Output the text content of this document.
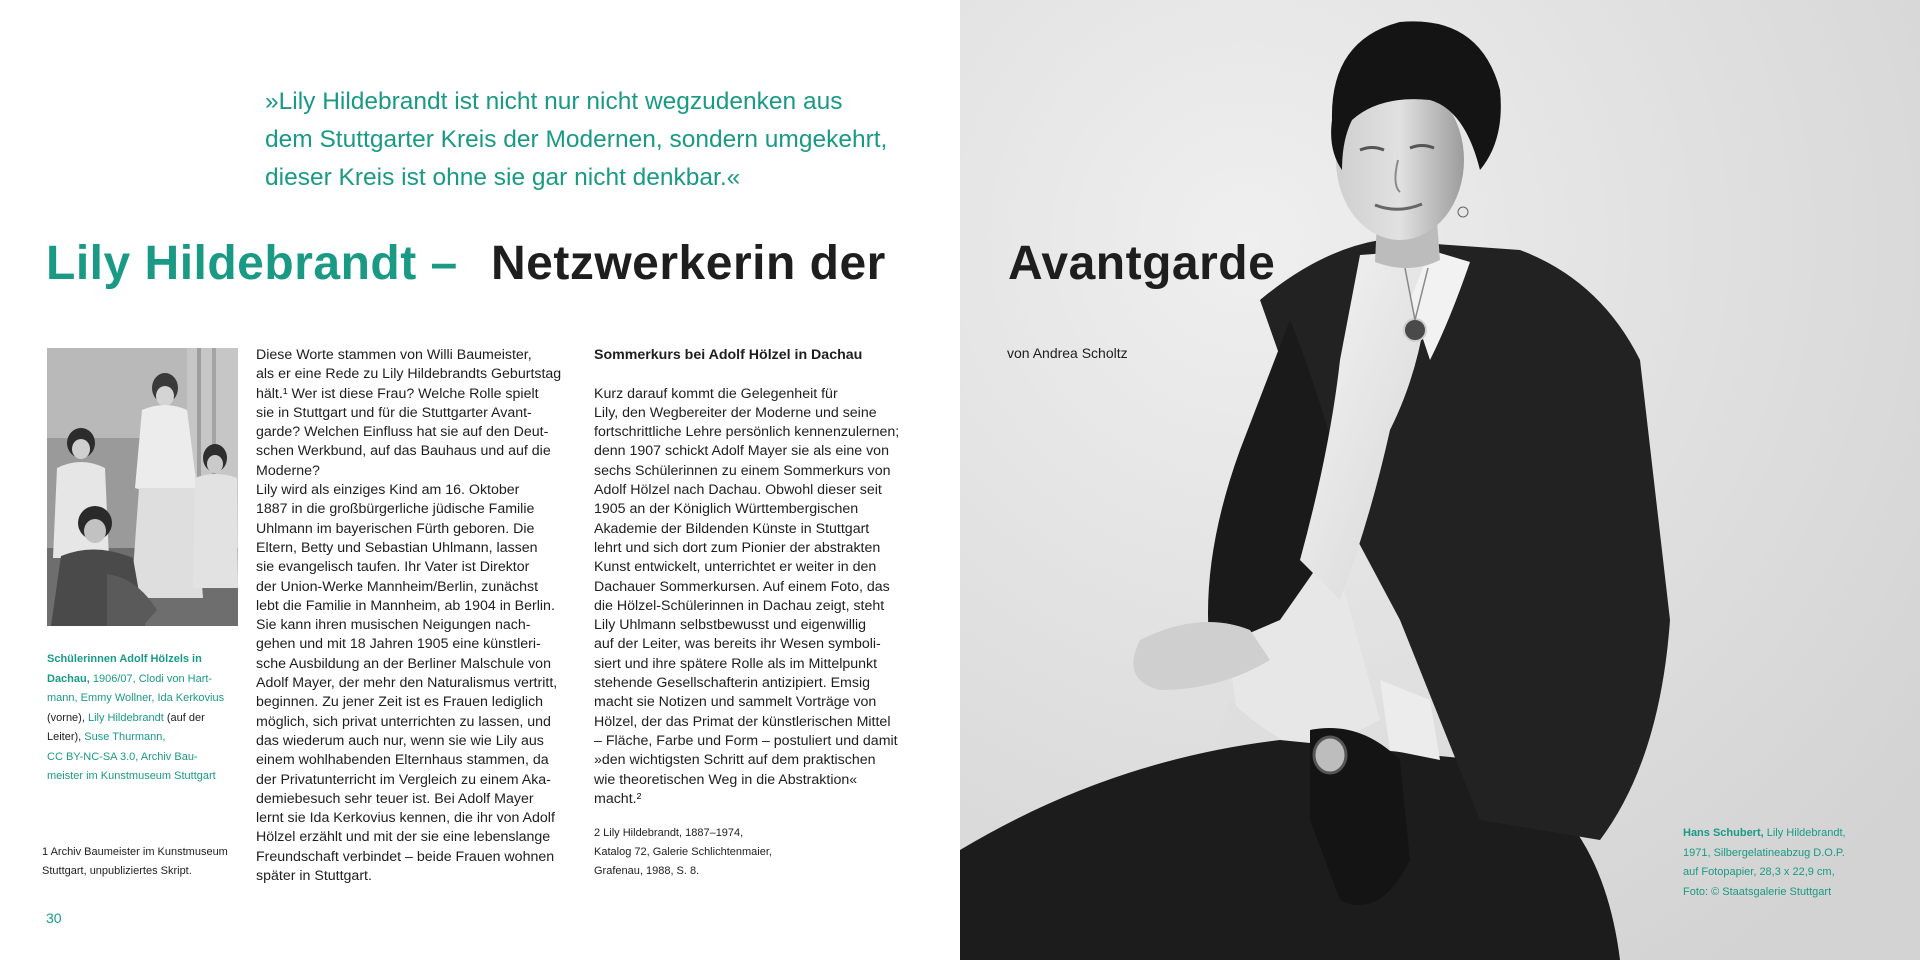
»Lily Hildebrandt ist nicht nur nicht wegzudenken aus
dem Stuttgarter Kreis der Modernen, sondern umgekehrt,
dieser Kreis ist ohne sie gar nicht denkbar.«
Lily Hildebrandt – Netzwerkerin der
Schülerinnen Adolf Hölzels in
Dachau, 1906/07, Clodi von Hart-
mann, Emmy Wollner, Ida Kerkovius
(vorne), Lily Hildebrandt (auf der
Leiter), Suse Thurmann,
CC BY-NC-SA 3.0, Archiv Bau-
meister im Kunstmuseum Stuttgart
1 Archiv Baumeister im Kunstmuseum
Stuttgart, unpubliziertes Skript.
Diese Worte stammen von Willi Baumeister,
als er eine Rede zu Lily Hildebrandts Geburtstag
hält.¹ Wer ist diese Frau? Welche Rolle spielt
sie in Stuttgart und für die Stuttgarter Avant-
garde? Welchen Einfluss hat sie auf den Deut-
schen Werkbund, auf das Bauhaus und auf die
Moderne?
Lily wird als einziges Kind am 16. Oktober
1887 in die großbürgerliche jüdische Familie
Uhlmann im bayerischen Fürth geboren. Die
Eltern, Betty und Sebastian Uhlmann, lassen
sie evangelisch taufen. Ihr Vater ist Direktor
der Union-Werke Mannheim/Berlin, zunächst
lebt die Familie in Mannheim, ab 1904 in Berlin.
Sie kann ihren musischen Neigungen nach-
gehen und mit 18 Jahren 1905 eine künstleri-
sche Ausbildung an der Berliner Malschule von
Adolf Mayer, der mehr den Naturalismus vertritt,
beginnen. Zu jener Zeit ist es Frauen lediglich
möglich, sich privat unterrichten zu lassen, und
das wiederum auch nur, wenn sie wie Lily aus
einem wohlhabenden Elternhaus stammen, da
der Privatunterricht im Vergleich zu einem Aka-
demiebesuch sehr teuer ist. Bei Adolf Mayer
lernt sie Ida Kerkovius kennen, die ihr von Adolf
Hölzel erzählt und mit der sie eine lebenslange
Freundschaft verbindet – beide Frauen wohnen
später in Stuttgart.
Sommerkurs bei Adolf Hölzel in Dachau

Kurz darauf kommt die Gelegenheit für
Lily, den Wegbereiter der Moderne und seine
fortschrittliche Lehre persönlich kennenzulernen;
denn 1907 schickt Adolf Mayer sie als eine von
sechs Schülerinnen zu einem Sommerkurs von
Adolf Hölzel nach Dachau. Obwohl dieser seit
1905 an der Königlich Württembergischen
Akademie der Bildenden Künste in Stuttgart
lehrt und sich dort zum Pionier der abstrakten
Kunst entwickelt, unterrichtet er weiter in den
Dachauer Sommerkursen. Auf einem Foto, das
die Hölzel-Schülerinnen in Dachau zeigt, steht
Lily Uhlmann selbstbewusst und eigenwillig
auf der Leiter, was bereits ihr Wesen symboli-
siert und ihre spätere Rolle als im Mittelpunkt
stehende Gesellschafterin antizipiert. Emsig
macht sie Notizen und sammelt Vorträge von
Hölzel, der das Primat der künstlerischen Mittel
– Fläche, Farbe und Form – postuliert und damit
»den wichtigsten Schritt auf dem praktischen
wie theoretischen Weg in die Abstraktion«
macht.²
2 Lily Hildebrandt, 1887–1974,
Katalog 72, Galerie Schlichtenmaier,
Grafenau, 1988, S. 8.
30
Hans Schubert, Lily Hildebrandt,
1971, Silbergelatineabzug D.O.P.
auf Fotopapier, 28,3 x 22,9 cm,
Foto: © Staatsgalerie Stuttgart
Avantgarde
von Andrea Scholtz
